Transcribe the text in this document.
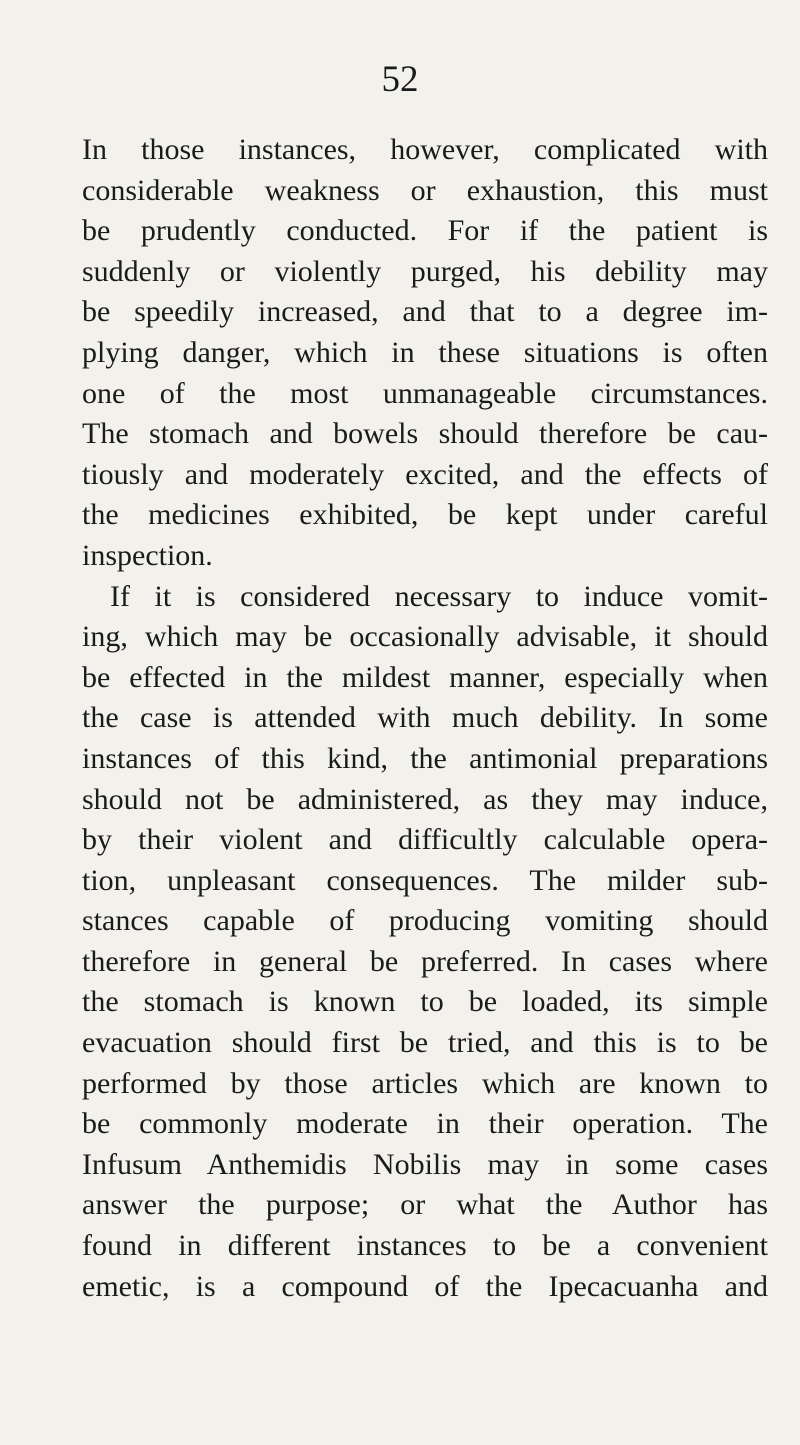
52
In those instances, however, complicated with
considerable weakness or exhaustion, this must
be prudently conducted. For if the patient is
suddenly or violently purged, his debility may
be speedily increased, and that to a degree im-
plying danger, which in these situations is often
one of the most unmanageable circumstances.
The stomach and bowels should therefore be cau-
tiously and moderately excited, and the effects of
the medicines exhibited, be kept under careful
inspection.
If it is considered necessary to induce vomit-
ing, which may be occasionally advisable, it should
be effected in the mildest manner, especially when
the case is attended with much debility. In some
instances of this kind, the antimonial preparations
should not be administered, as they may induce,
by their violent and difficultly calculable opera-
tion, unpleasant consequences. The milder sub-
stances capable of producing vomiting should
therefore in general be preferred. In cases where
the stomach is known to be loaded, its simple
evacuation should first be tried, and this is to be
performed by those articles which are known to
be commonly moderate in their operation. The
Infusum Anthemidis Nobilis may in some cases
answer the purpose; or what the Author has
found in different instances to be a convenient
emetic, is a compound of the Ipecacuanha and
